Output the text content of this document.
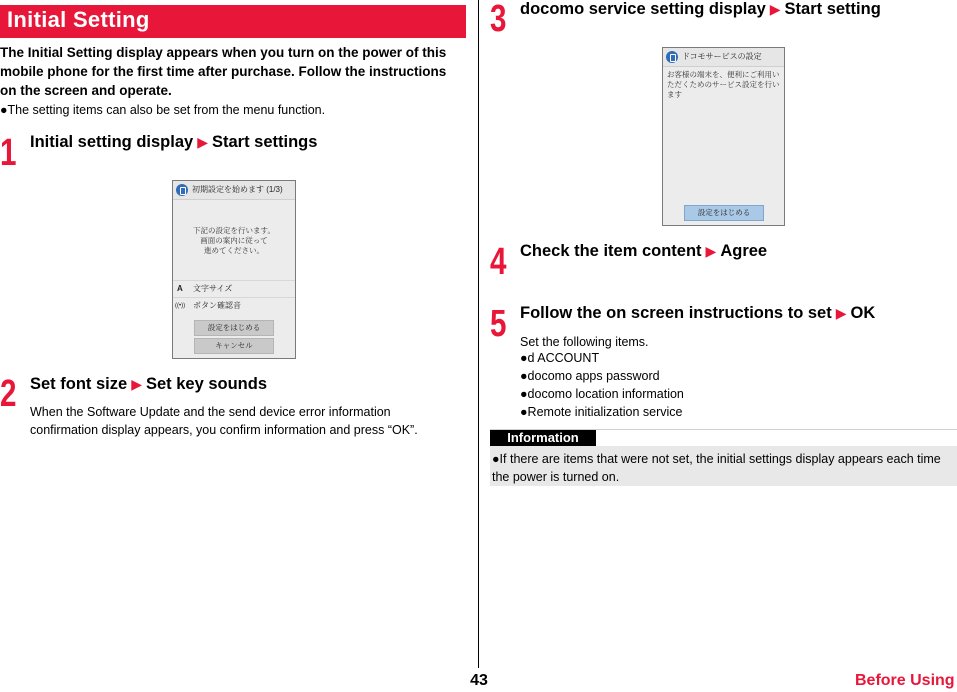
Initial Setting
The Initial Setting display appears when you turn on the power of this mobile phone for the first time after purchase. Follow the instructions on the screen and operate.
●The setting items can also be set from the menu function.
1 Initial setting display ▶ Start settings
初期設定を始めます (1/3)
下記の設定を行います。
画面の案内に従って
進めてください。
A 文字サイズ
((•)) ボタン確認音
設定をはじめる
キャンセル
2 Set font size ▶ Set key sounds
When the Software Update and the send device error information confirmation display appears, you confirm information and press “OK”.
3 docomo service setting display ▶ Start setting
ドコモサービスの設定
お客様の端末を、便利にご利用い
ただくためのサービス設定を行い
ます
設定をはじめる
4 Check the item content ▶ Agree
5 Follow the on screen instructions to set ▶ OK
Set the following items.
●d ACCOUNT
●docomo apps password
●docomo location information
●Remote initialization service
Information
●If there are items that were not set, the initial settings display appears each time the power is turned on.
43	Before Using
